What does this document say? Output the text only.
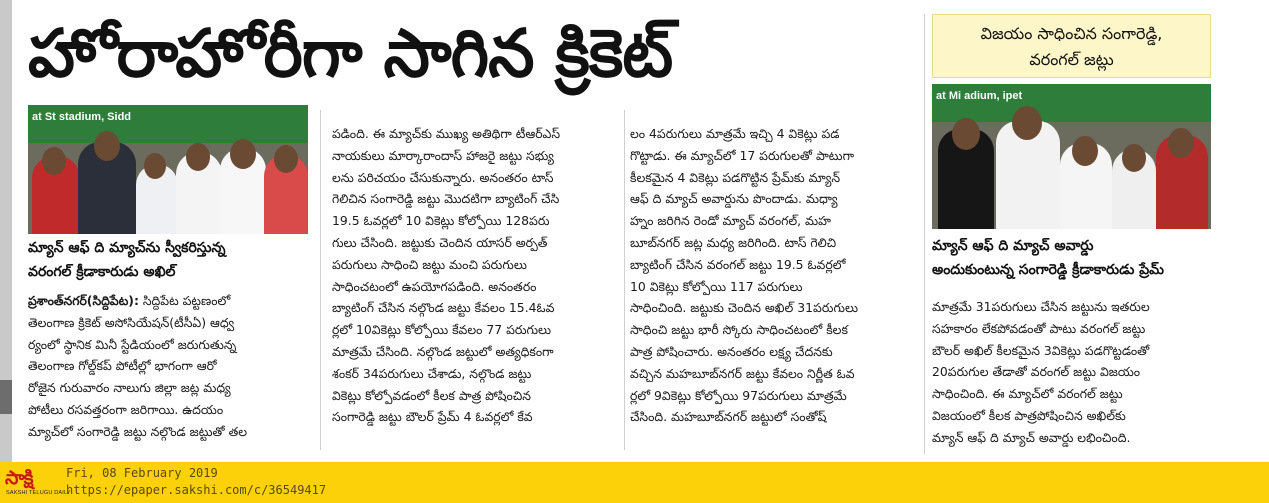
హోరాహోరీగా సాగిన క్రికెట్	విజయం సాధించిన సంగారెడ్డి,
వరంగల్ జట్లు
at St stadium, Sidd
మ్యాన్ ఆఫ్ ది మ్యాచ్‌ను స్వీకరిస్తున్న
వరంగల్ క్రీడాకారుడు అఖిల్
at Mi adium, ipet
మ్యాన్ ఆఫ్ ది మ్యాచ్ అవార్డు
అందుకుంటున్న సంగారెడ్డి క్రీడాకారుడు ప్రేమ్

ప్రశాంత్‌నగర్(సిద్దిపేట): సిద్దిపేట పట్టణంలో

తెలంగాణ క్రికెట్ అసోసియేషన్(టీసీఏ) ఆధ్వ

ర్యంలో స్థానిక మినీ స్టేడియంలో జరుగుతున్న

తెలంగాణ గోల్డ్‌కప్ పోటీల్లో భాగంగా ఆరో

రోజైన గురువారం నాలుగు జిల్లా జట్ల మధ్య

పోటీలు రసవత్తరంగా జరిగాయి. ఉదయం

మ్యాచ్‌లో సంగారెడ్డి జట్టు నల్గొండ జట్టుతో తల

పడింది. ఈ మ్యాచ్‌కు ముఖ్య అతిథిగా టీఆర్ఎస్

నాయకులు మార్కారాందాస్ హాజరై జట్టు సభ్యు

లను పరిచయం చేసుకున్నారు. అనంతరం టాస్

గెలిచిన సంగారెడ్డి జట్టు మొదటిగా బ్యాటింగ్ చేసి

19.5 ఓవర్లలో 10 వికెట్లు కోల్పోయి 128పరు

గులు చేసింది. జట్టుకు చెందిన యాసర్ అర్పత్

పరుగులు సాధించి జట్టు మంచి పరుగులు

సాధించటంలో ఉపయోగపడింది. అనంతరం

బ్యాటింగ్ చేసిన నల్గొండ జట్టు కేవలం 15.4ఓవ

ర్లలో 10వికెట్లు కోల్పోయి కేవలం 77 పరుగులు

మాత్రమే చేసింది. నల్గొండ జట్టులో అత్యధికంగా

శంకర్ 34పరుగులు చేశాడు, నల్గొండ జట్టు

వికెట్లు కోల్పోవడంలో కీలక పాత్ర పోషించిన

సంగారెడ్డి జట్టు బౌలర్ ప్రేమ్ 4 ఓవర్లలో కేవ

లం 4పరుగులు మాత్రమే ఇచ్చి 4 వికెట్లు పడ

గొట్టాడు. ఈ మ్యాచ్‌లో 17 పరుగులతో పాటుగా

కీలకమైన 4 వికెట్లు పడగొట్టిన ప్రేమ్‌కు మ్యాన్

ఆఫ్ ది మ్యాచ్ అవార్డును పొందాడు. మధ్యా

హ్నం జరిగిన రెండో మ్యాచ్ వరంగల్, మహ

బూబ్‌నగర్ జట్ల మధ్య జరిగింది. టాస్ గెలిచి

బ్యాటింగ్ చేసిన వరంగల్ జట్టు 19.5 ఓవర్లలో

10 వికెట్లు కోల్పోయి 117 పరుగులు

సాధించింది. జట్టుకు చెందిన అఖిల్ 31పరుగులు

సాధించి జట్టు భారీ స్కోరు సాధించటంలో కీలక

పాత్ర పోషించారు. అనంతరం లక్ష్య చేదనకు

వచ్చిన మహబూబ్‌నగర్ జట్టు కేవలం నిర్ణీత ఓవ

ర్లలో 9వికెట్లు కోల్పోయి 97పరుగులు మాత్రమే

చేసింది. మహబూబ్‌నగర్ జట్టులో సంతోష్

మాత్రమే 31పరుగులు చేసిన జట్టును ఇతరుల

సహకారం లేకపోవడంతో పాటు వరంగల్ జట్టు

బౌలర్ అఖిల్ కీలకమైన 3వికెట్లు పడగొట్టడంతో

20పరుగుల తేడాతో వరంగల్ జట్టు విజయం

సాధించింది. ఈ మ్యాచ్‌లో వరంగల్ జట్టు

విజయంలో కీలక పాత్రపోషించిన అఖిల్‌కు

మ్యాన్ ఆఫ్ ది మ్యాచ్ అవార్డు లభించింది.

సాక్షి
SAKSHI TELUGU DAILY
Fri, 08 February 2019
https://epaper.sakshi.com/c/36549417
